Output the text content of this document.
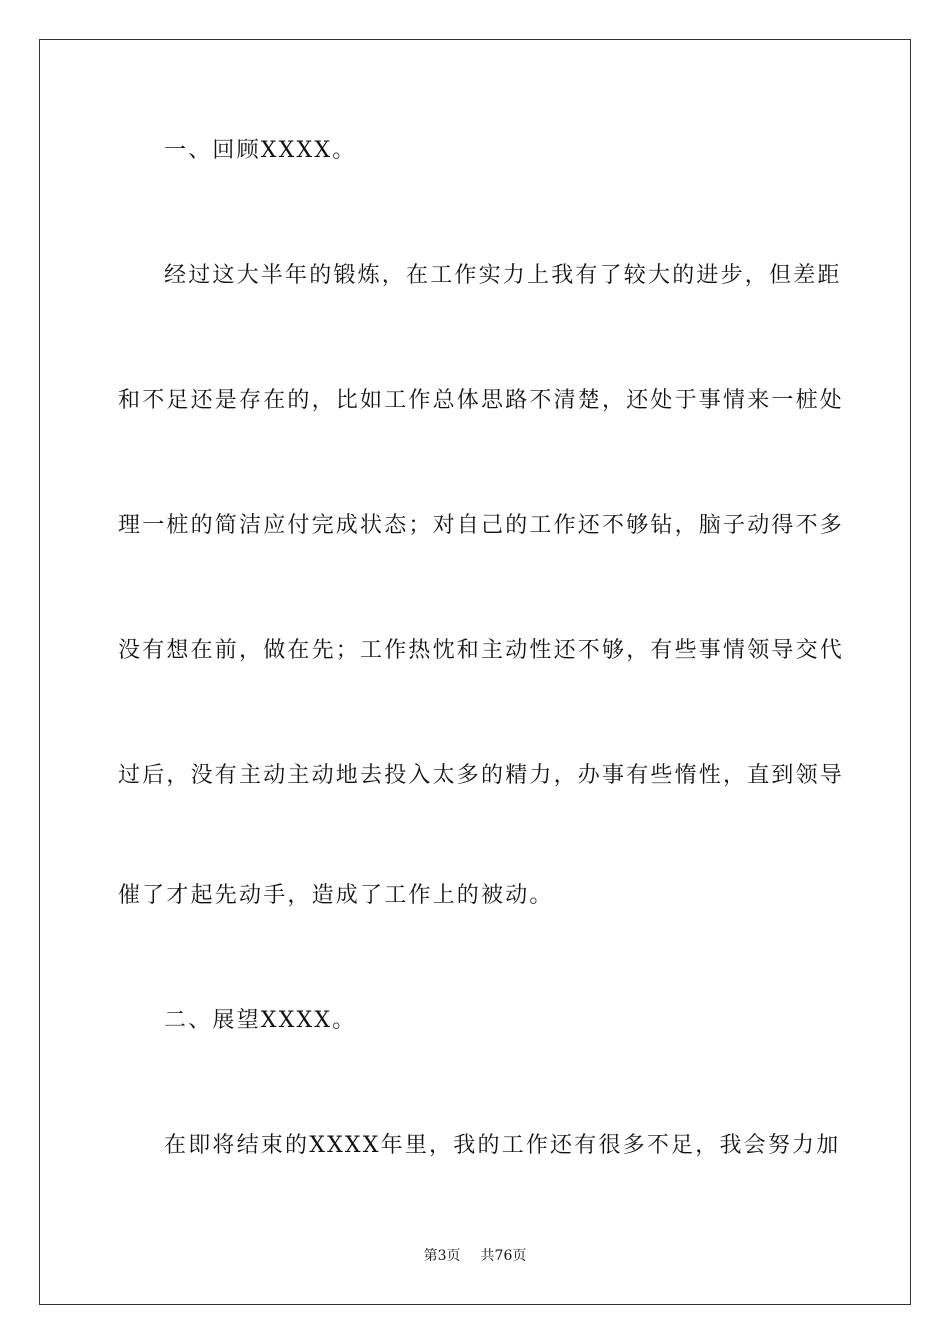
一、回顾XXXX。
经过这大半年的锻炼，在工作实力上我有了较大的进步，但差距
和不足还是存在的，比如工作总体思路不清楚，还处于事情来一桩处
理一桩的简洁应付完成状态；对自己的工作还不够钻，脑子动得不多
没有想在前，做在先；工作热忱和主动性还不够，有些事情领导交代
过后，没有主动主动地去投入太多的精力，办事有些惰性，直到领导
催了才起先动手，造成了工作上的被动。
二、展望XXXX。
在即将结束的XXXX年里，我的工作还有很多不足，我会努力加
第3页 共76页
